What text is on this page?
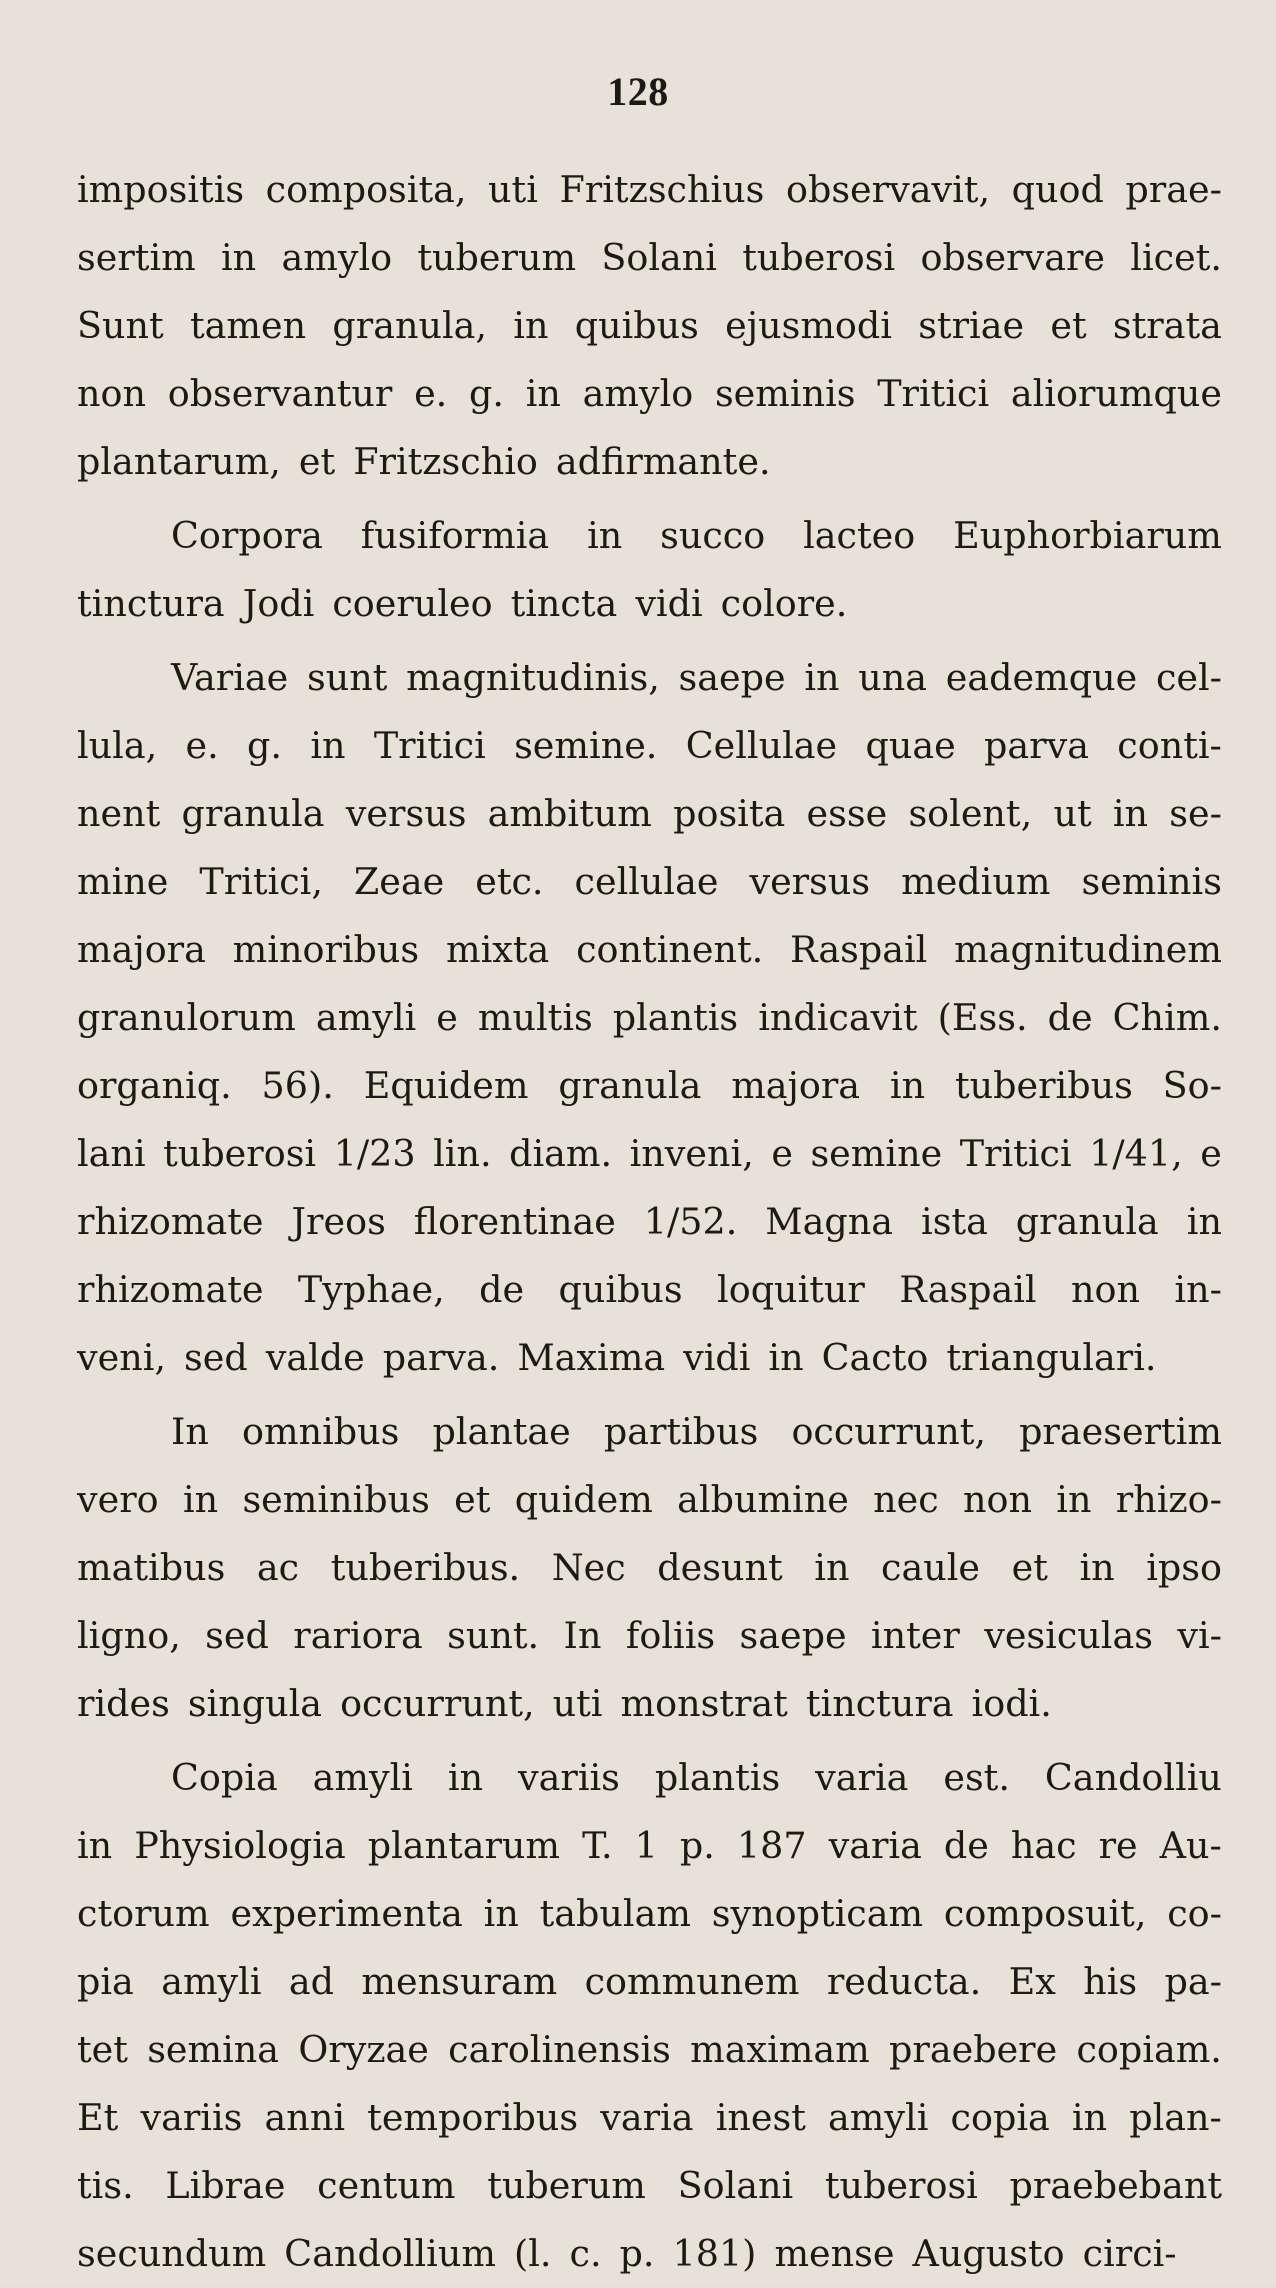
128
impositis composita, uti Fritzschius observavit, quod prae-
sertim in amylo tuberum Solani tuberosi observare licet.
Sunt tamen granula, in quibus ejusmodi striae et strata
non observantur e. g. in amylo seminis Tritici aliorumque
plantarum, et Fritzschio adfirmante.
Corpora fusiformia in succo lacteo Euphorbiarum
tinctura Jodi coeruleo tincta vidi colore.
Variae sunt magnitudinis, saepe in una eademque cel-
lula, e. g. in Tritici semine. Cellulae quae parva conti-
nent granula versus ambitum posita esse solent, ut in se-
mine Tritici, Zeae etc. cellulae versus medium seminis
majora minoribus mixta continent. Raspail magnitudinem
granulorum amyli e multis plantis indicavit (Ess. de Chim.
organiq. 56). Equidem granula majora in tuberibus So-
lani tuberosi 1/23 lin. diam. inveni, e semine Tritici 1/41, e
rhizomate Jreos florentinae 1/52. Magna ista granula in
rhizomate Typhae, de quibus loquitur Raspail non in-
veni, sed valde parva. Maxima vidi in Cacto triangulari.
In omnibus plantae partibus occurrunt, praesertim
vero in seminibus et quidem albumine nec non in rhizo-
matibus ac tuberibus. Nec desunt in caule et in ipso
ligno, sed rariora sunt. In foliis saepe inter vesiculas vi-
rides singula occurrunt, uti monstrat tinctura iodi.
Copia amyli in variis plantis varia est. Candolliu
in Physiologia plantarum T. 1 p. 187 varia de hac re Au-
ctorum experimenta in tabulam synopticam composuit, co-
pia amyli ad mensuram communem reducta. Ex his pa-
tet semina Oryzae carolinensis maximam praebere copiam.
Et variis anni temporibus varia inest amyli copia in plan-
tis. Librae centum tuberum Solani tuberosi praebebant
secundum Candollium (l. c. p. 181) mense Augusto circi-
